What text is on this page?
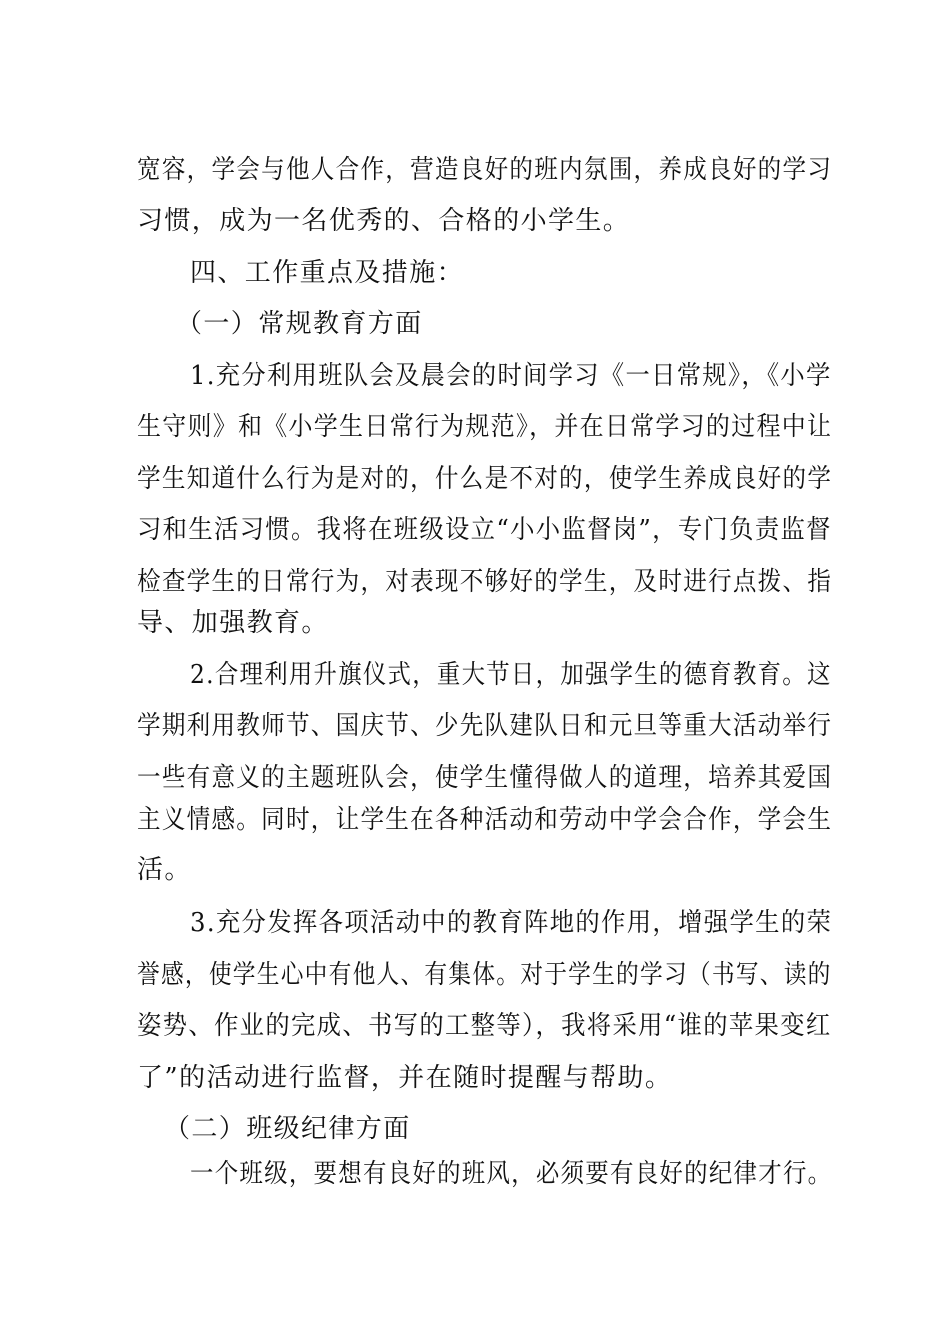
宽容，学会与他人合作，营造良好的班内氛围，养成良好的学习
习惯，成为一名优秀的、合格的小学生。
四、工作重点及措施：
（一）常规教育方面
1.充分利用班队会及晨会的时间学习《一日常规》，《小学
生守则》和《小学生日常行为规范》，并在日常学习的过程中让
学生知道什么行为是对的，什么是不对的，使学生养成良好的学
习和生活习惯。我将在班级设立“小小监督岗”，专门负责监督
检查学生的日常行为，对表现不够好的学生，及时进行点拨、指
导、加强教育。
2.合理利用升旗仪式，重大节日，加强学生的德育教育。这
学期利用教师节、国庆节、少先队建队日和元旦等重大活动举行
一些有意义的主题班队会，使学生懂得做人的道理，培养其爱国
主义情感。同时，让学生在各种活动和劳动中学会合作，学会生
活。
3.充分发挥各项活动中的教育阵地的作用，增强学生的荣
誉感，使学生心中有他人、有集体。对于学生的学习（书写、读的
姿势、作业的完成、书写的工整等），我将采用“谁的苹果变红
了”的活动进行监督，并在随时提醒与帮助。
（二）班级纪律方面
一个班级，要想有良好的班风，必须要有良好的纪律才行。
